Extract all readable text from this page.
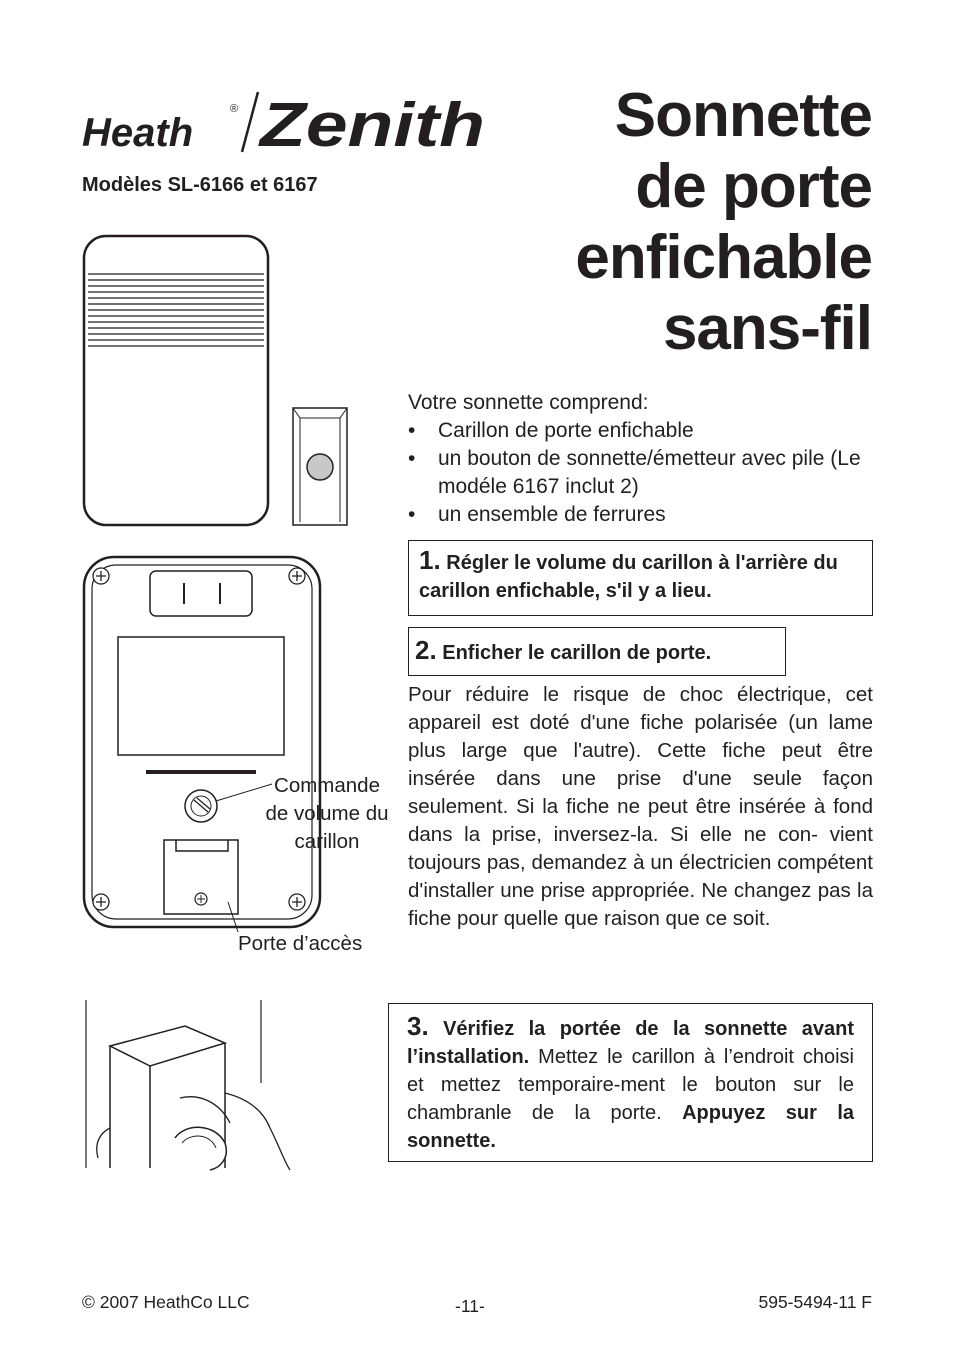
Heath
® Zenith
Modèles SL-6166 et 6167
Sonnette
de porte
enfichable
sans-fil
Commande de volume du carillon
Porte d’accès
Votre sonnette comprend:
• Carillon de porte enfichable
• un bouton de sonnette/émetteur avec pile (Le modéle 6167 inclut 2)
• un ensemble de ferrures
1. Régler le volume du carillon à l'arrière du carillon enfichable, s'il y a lieu.
2. Enficher le carillon de porte.
Pour réduire le risque de choc électrique, cet appareil est doté d'une fiche polarisée (un lame plus large que l'autre). Cette fiche peut être insérée dans une prise d'une seule façon seulement. Si la fiche ne peut être insérée à fond dans la prise, inversez-la. Si elle ne con- vient toujours pas, demandez à un électricien compétent d'installer une prise appropriée. Ne changez pas la fiche pour quelle que raison que ce soit.
3. Vérifiez la portée de la sonnette avant l’installation. Mettez le carillon à l’endroit choisi et mettez temporaire-ment le bouton sur le chambranle de la porte. Appuyez sur la sonnette.
© 2007 HeathCo LLC	-11-	595-5494-11 F
